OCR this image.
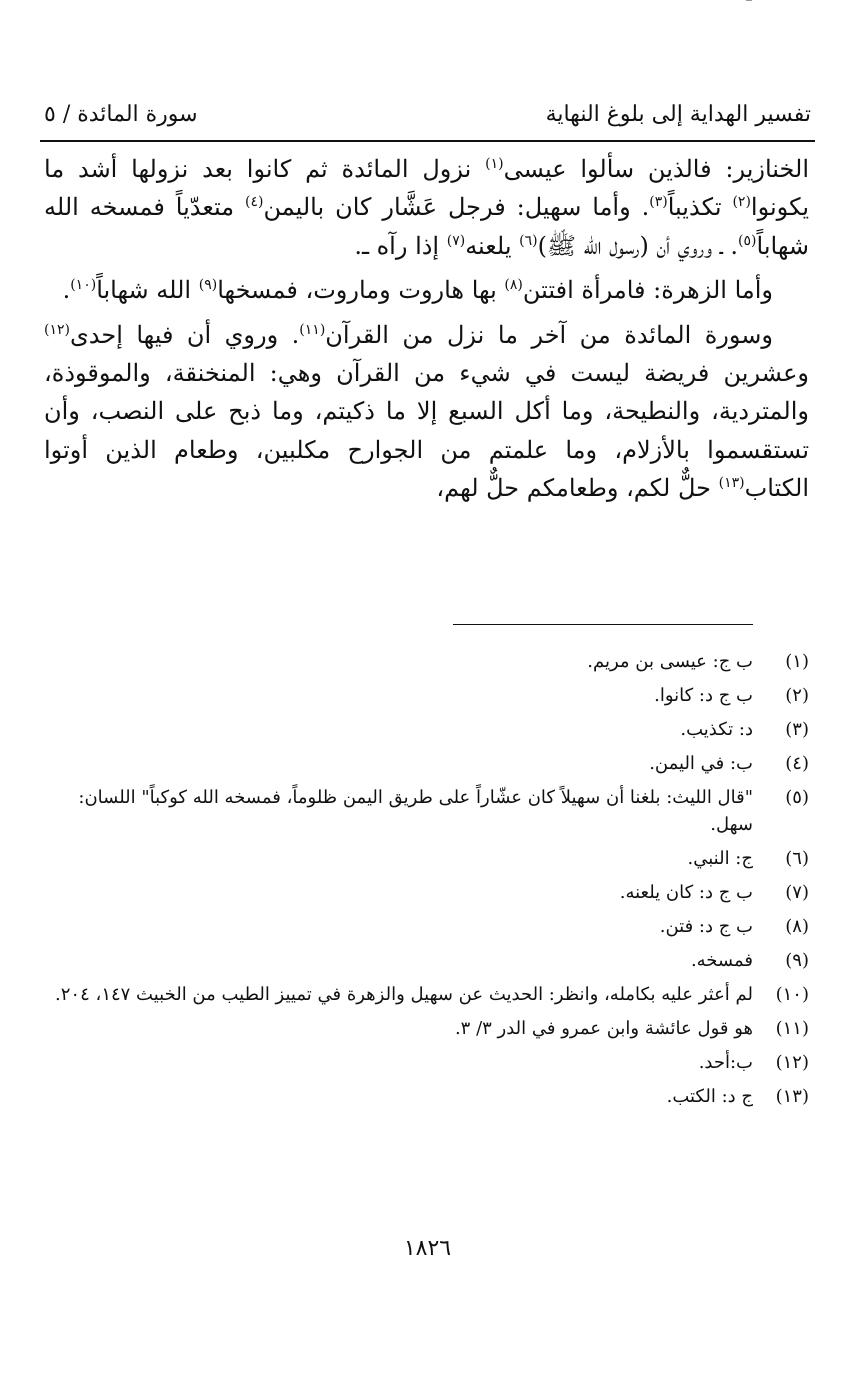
تفسير الهداية إلى بلوغ النهاية
سورة المائدة / ٥

الخنازير: فالذين سألوا عيسى$^{(١)}$ نزول المائدة ثم كانوا بعد نزولها أشد ما يكونوا$^{(٢)}$ تكذيباً$^{(٣)}$. وأما سهيل: فرجل عَشَّار كان باليمن$^{(٤)}$ متعدّياً فمسخه الله شهاباً$^{(٥)}$. ـ وروي أن (رسول الله ﷺ)$^{(٦)}$ يلعنه$^{(٧)}$ إذا رآه ـ.

وأما الزهرة: فامرأة افتتن$^{(٨)}$ بها هاروت وماروت، فمسخها$^{(٩)}$ الله شهاباً$^{(١٠)}$.

وسورة المائدة من آخر ما نزل من القرآن$^{(١١)}$. وروي أن فيها إحدى$^{(١٢)}$ وعشرين فريضة ليست في شيء من القرآن وهي: المنخنقة، والموقوذة، والمتردية، والنطيحة، وما أكل السبع إلا ما ذكيتم، وما ذبح على النصب، وأن تستقسموا بالأزلام، وما علمتم من الجوارح مكلبين، وطعام الذين أوتوا الكتاب$^{(١٣)}$ حلٌّ لكم، وطعامكم حلٌّ لهم،

(١)
ب ج: عيسى بن مريم.
(٢)
ب ج د: كانوا.
(٣)
د: تكذيب.
(٤)
ب: في اليمن.
(٥)
"قال الليث: بلغنا أن سهيلاً كان عشّاراً على طريق اليمن ظلوماً، فمسخه الله كوكباً" اللسان: سهل.
(٦)
ج: النبي.
(٧)
ب ج د: كان يلعنه.
(٨)
ب ج د: فتن.
(٩)
فمسخه.
(١٠)
لم أعثر عليه بكامله، وانظر: الحديث عن سهيل والزهرة في تمييز الطيب من الخبيث ١٤٧، ٢٠٤.
(١١)
هو قول عائشة وابن عمرو في الدر ٣/ ٣.
(١٢)
ب:أحد.
(١٣)
ج د: الكتب.
١٨٢٦
